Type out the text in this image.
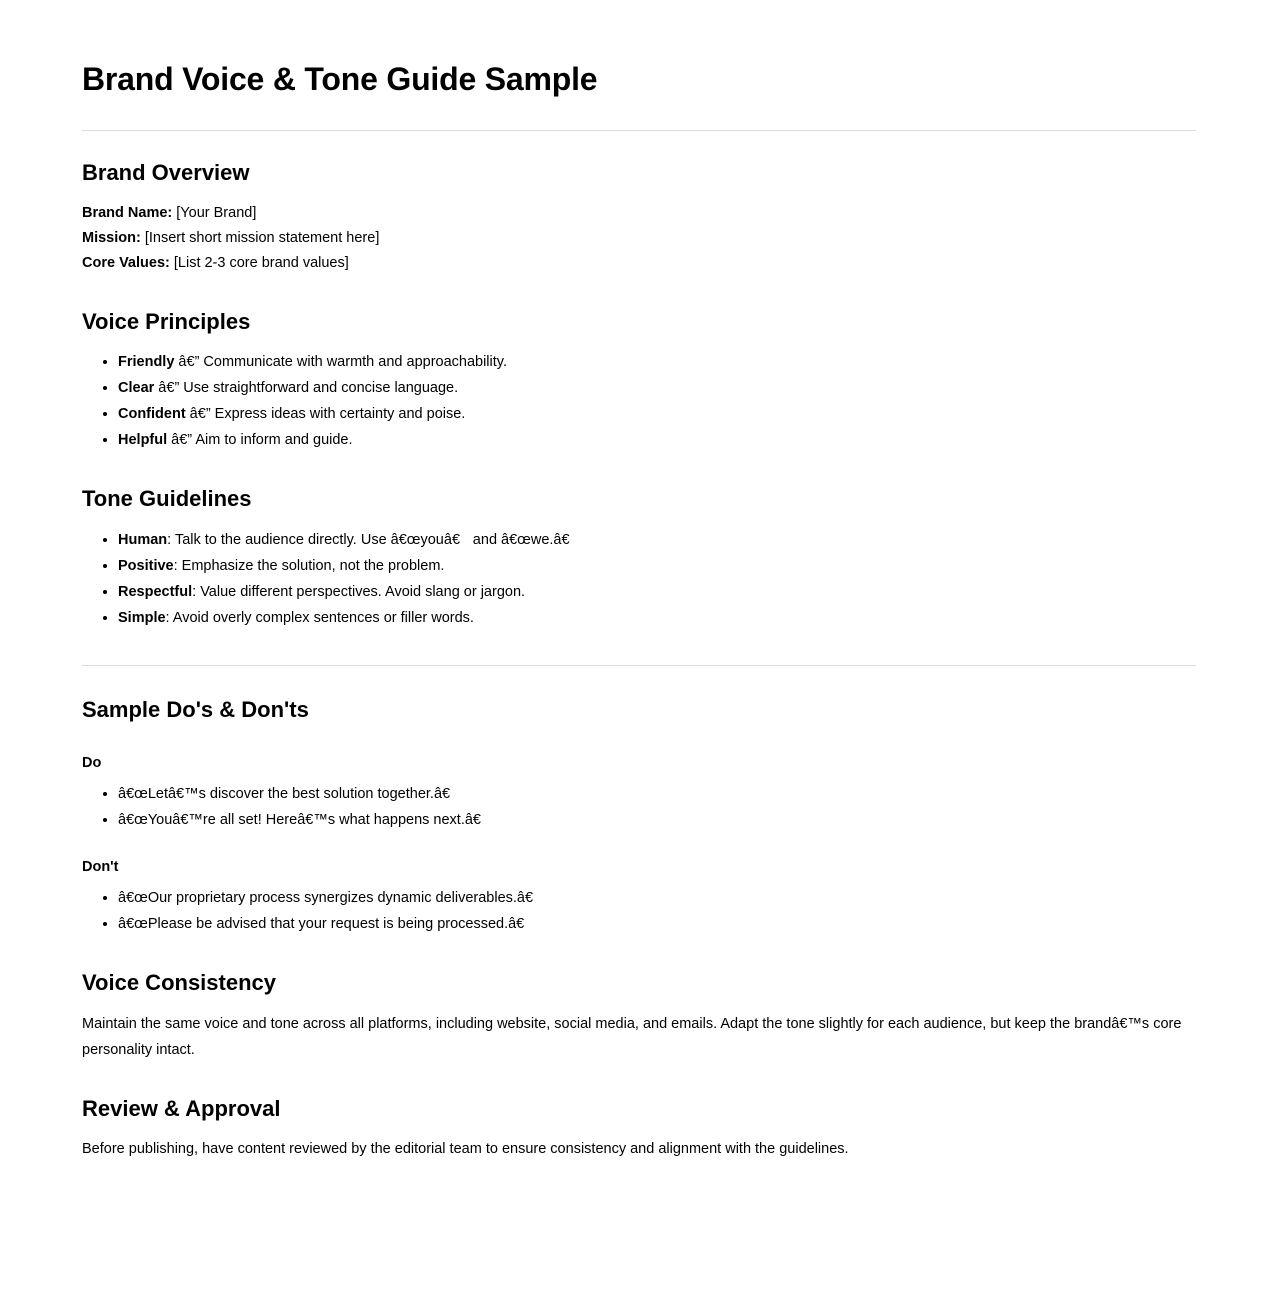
Brand Voice & Tone Guide Sample
Brand Overview

Brand Name: [Your Brand]

Mission: [Insert short mission statement here]

Core Values: [List 2-3 core brand values]

Voice Principles
• Friendly â€” Communicate with warmth and approachability.
• Clear â€” Use straightforward and concise language.
• Confident â€” Express ideas with certainty and poise.
• Helpful â€” Aim to inform and guide.
Tone Guidelines
• Human: Talk to the audience directly. Use â€œyouâ€ and â€œwe.â€
• Positive: Emphasize the solution, not the problem.
• Respectful: Value different perspectives. Avoid slang or jargon.
• Simple: Avoid overly complex sentences or filler words.
Sample Do's & Don'ts
Do
• â€œLetâ€™s discover the best solution together.â€
• â€œYouâ€™re all set! Hereâ€™s what happens next.â€
Don't
• â€œOur proprietary process synergizes dynamic deliverables.â€
• â€œPlease be advised that your request is being processed.â€
Voice Consistency

Maintain the same voice and tone across all platforms, including website, social media, and emails. Adapt the tone slightly for each audience, but keep the brandâ€™s core personality intact.

Review & Approval

Before publishing, have content reviewed by the editorial team to ensure consistency and alignment with the guidelines.
